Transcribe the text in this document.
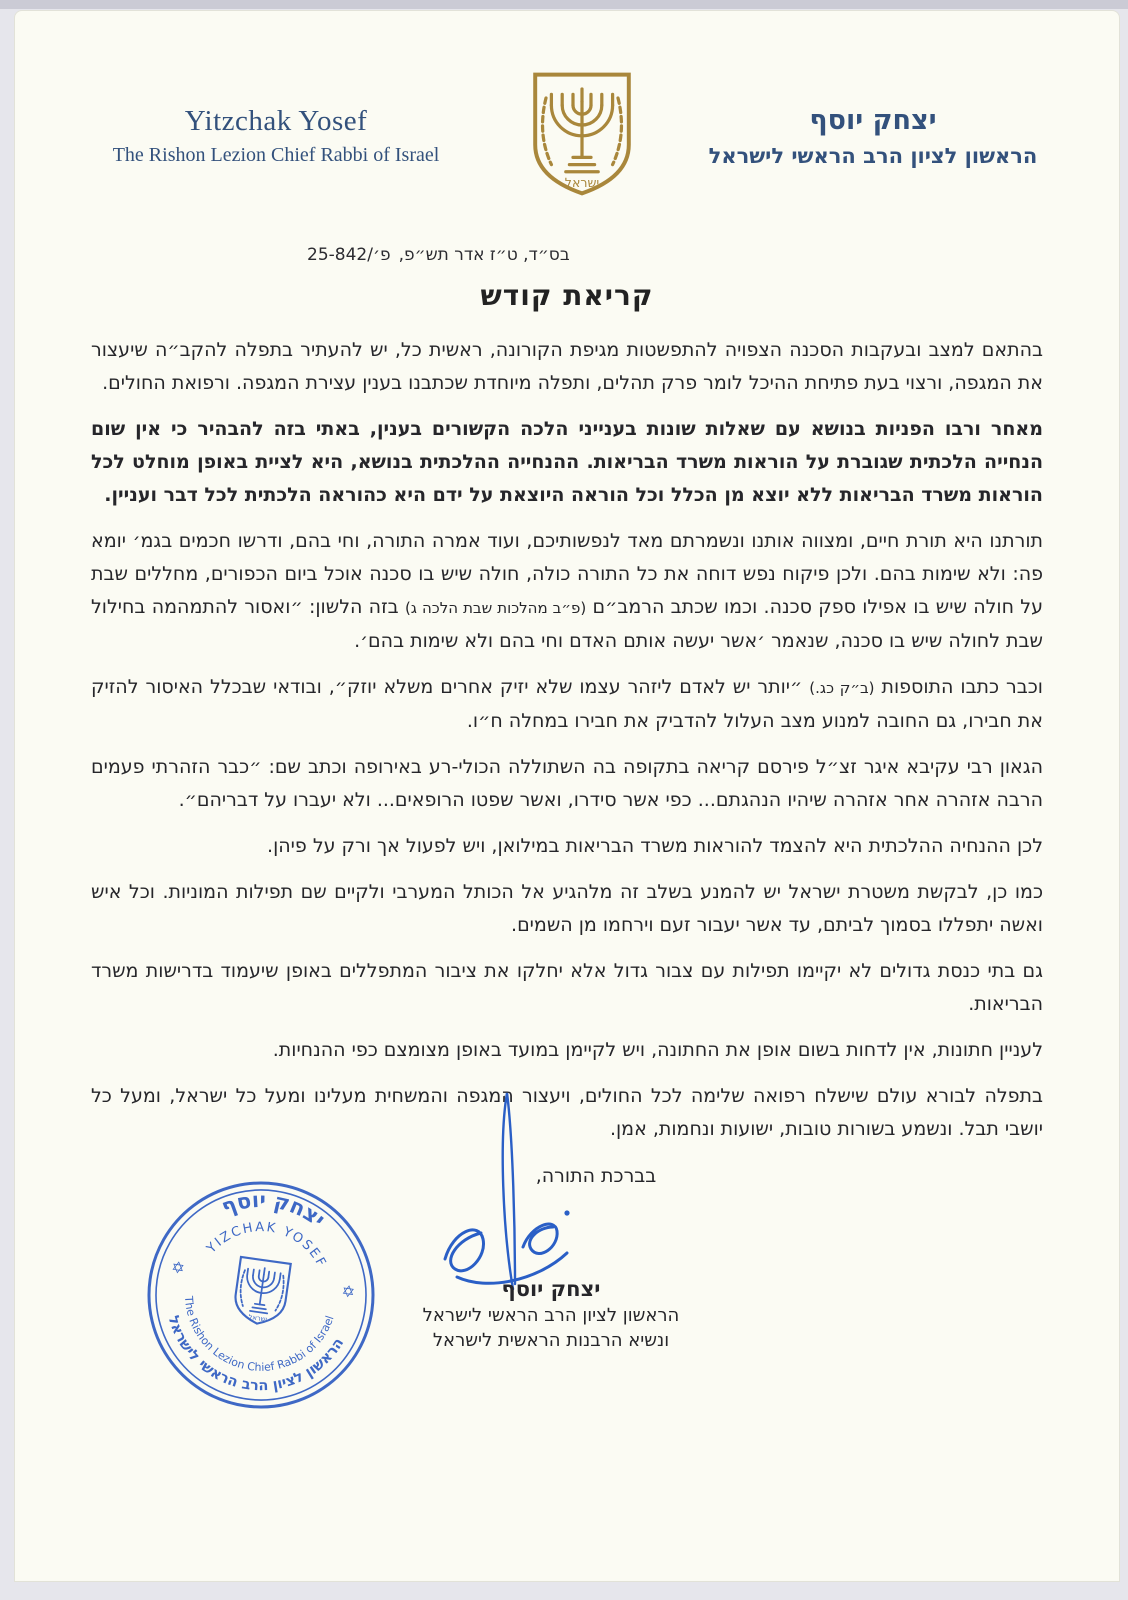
Yitzchak Yosef
The Rishon Lezion Chief Rabbi of Israel
יצחק יוסף
הראשון לציון הרב הראשי לישראל
25-842/פ׳ בס״ד, ט״ז אדר תש״פ,
קריאת קודש

בהתאם למצב ובעקבות הסכנה הצפויה להתפשטות מגיפת הקורונה, ראשית כל, יש להעתיר בתפלה להקב״ה שיעצור את המגפה, ורצוי בעת פתיחת ההיכל לומר פרק תהלים, ותפלה מיוחדת שכתבנו בענין עצירת המגפה. ורפואת החולים.

מאחר ורבו הפניות בנושא עם שאלות שונות בענייני הלכה הקשורים בענין, באתי בזה להבהיר כי אין שום הנחייה הלכתית שגוברת על הוראות משרד הבריאות. ההנחייה ההלכתית בנושא, היא לציית באופן מוחלט לכל הוראות משרד הבריאות ללא יוצא מן הכלל וכל הוראה היוצאת על ידם היא כהוראה הלכתית לכל דבר ועניין.

תורתנו היא תורת חיים, ומצווה אותנו ונשמרתם מאד לנפשותיכם, ועוד אמרה התורה, וחי בהם, ודרשו חכמים בגמ׳ יומא פה: ולא שימות בהם. ולכן פיקוח נפש דוחה את כל התורה כולה, חולה שיש בו סכנה אוכל ביום הכפורים, מחללים שבת על חולה שיש בו אפילו ספק סכנה. וכמו שכתב הרמב״ם (פ״ב מהלכות שבת הלכה ג) בזה הלשון: ״ואסור להתמהמה בחילול שבת לחולה שיש בו סכנה, שנאמר ׳אשר יעשה אותם האדם וחי בהם ולא שימות בהם׳.

וכבר כתבו התוספות (ב״ק כג.) ״יותר יש לאדם ליזהר עצמו שלא יזיק אחרים משלא יוזק״, ובודאי שבכלל האיסור להזיק את חבירו, גם החובה למנוע מצב העלול להדביק את חבירו במחלה ח״ו.

הגאון רבי עקיבא איגר זצ״ל פירסם קריאה בתקופה בה השתוללה הכולי-רע באירופה וכתב שם: ״כבר הזהרתי פעמים הרבה אזהרה אחר אזהרה שיהיו הנהגתם... כפי אשר סידרו, ואשר שפטו הרופאים... ולא יעברו על דבריהם״.

לכן ההנחיה ההלכתית היא להצמד להוראות משרד הבריאות במילואן, ויש לפעול אך ורק על פיהן.

כמו כן, לבקשת משטרת ישראל יש להמנע בשלב זה מלהגיע אל הכותל המערבי ולקיים שם תפילות המוניות. וכל איש ואשה יתפללו בסמוך לביתם, עד אשר יעבור זעם וירחמו מן השמים.

גם בתי כנסת גדולים לא יקיימו תפילות עם צבור גדול אלא יחלקו את ציבור המתפללים באופן שיעמוד בדרישות משרד הבריאות.

לעניין חתונות, אין לדחות בשום אופן את החתונה, ויש לקיימן במועד באופן מצומצם כפי ההנחיות.

בתפלה לבורא עולם שישלח רפואה שלימה לכל החולים, ויעצור המגפה והמשחית מעלינו ומעל כל ישראל, ומעל כל יושבי תבל. ונשמע בשורות טובות, ישועות ונחמות, אמן.

בברכת התורה,
יצחק יוסף
הראשון לציון הרב הראשי לישראל
ונשיא הרבנות הראשית לישראל
יצחק יוסף
YIZCHAK YOSEF
The Rishon Lezion Chief Rabbi of Israel
הראשון לציון הרב הראשי לישראל
✡
✡
